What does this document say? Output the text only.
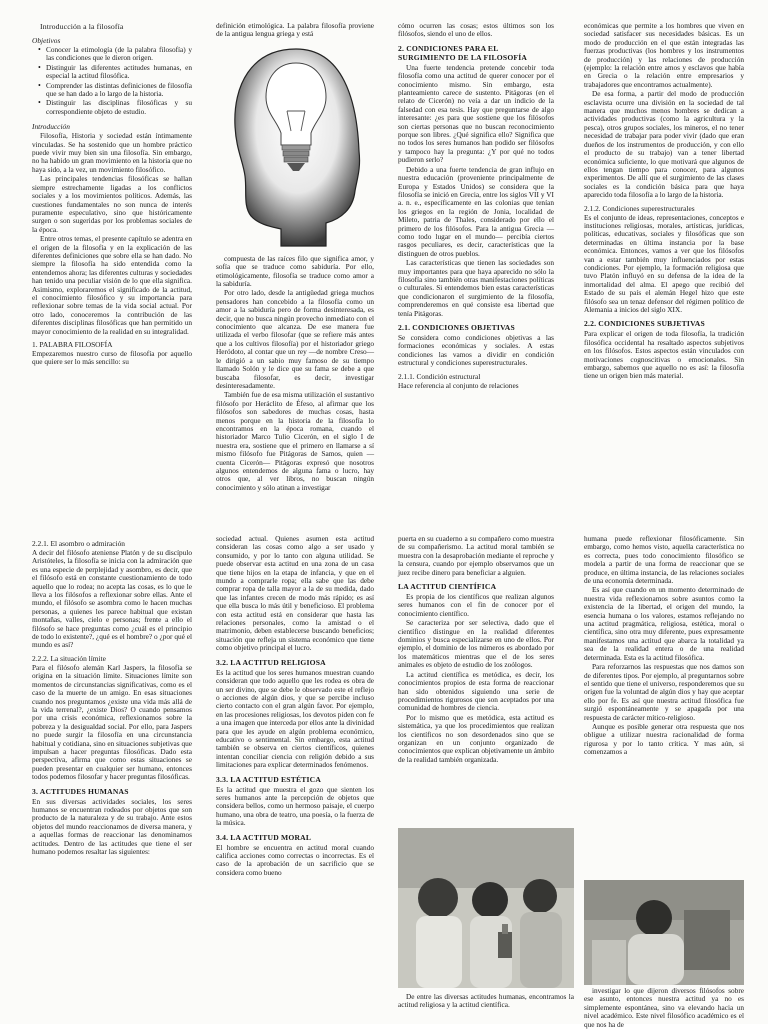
Introducción a la filosofía
Objetivos
• Conocer la etimología (de la palabra filosofía) y las condiciones que le dieron origen.
• Distinguir las diferentes actitudes humanas, en especial la actitud filosófica.
• Comprender las distintas definiciones de filosofía que se han dado a lo largo de la historia.
• Distinguir las disciplinas filosóficas y su correspondiente objeto de estudio.
Introducción

Filosofía, Historia y sociedad están íntimamente vinculadas. Se ha sostenido que un hombre práctico puede vivir muy bien sin una filosofía. Sin embargo, no ha habido un gran movimiento en la historia que no haya sido, a la vez, un movimiento filosófico.

Las principales tendencias filosóficas se hallan siempre estrechamente ligadas a los conflictos sociales y a los movimientos políticos. Además, las cuestiones fundamentales no son nunca de interés puramente especulativo, sino que históricamente surgen o son sugeridas por los problemas sociales de la época.

Entre otros temas, el presente capítulo se adentra en el origen de la filosofía y en la explicación de las diferentes definiciones que sobre ella se han dado. No siempre la filosofía ha sido entendida como la entendemos ahora; las diferentes culturas y sociedades han tenido una peculiar visión de lo que ella significa. Asimismo, exploraremos el significado de la actitud, el conocimiento filosófico y su importancia para reflexionar sobre temas de la vida social actual. Por otro lado, conoceremos la contribución de las diferentes disciplinas filosóficas que han permitido un mayor conocimiento de la realidad en su integralidad.

1. PALABRA FILOSOFÍA

Empezaremos nuestro curso de filosofía por aquello que quiere ser lo más sencillo: su

definición etimológica. La palabra filosofía proviene de la antigua lengua griega y está

compuesta de las raíces filo que significa amor, y sofía que se traduce como sabiduría. Por ello, etimológicamente, filosofía se traduce como amor a la sabiduría.

Por otro lado, desde la antigüedad griega muchos pensadores han concebido a la filosofía como un amor a la sabiduría pero de forma desinteresada, es decir, que no busca ningún provecho inmediato con el conocimiento que alcanza. De ese manera fue utilizada el verbo filosofar (que se refiere más antes que a los cultivos filosofía) por el historiador griego Heródoto, al contar que un rey —de nombre Creso— le dirigió a un sabio muy famoso de su tiempo llamado Solón y le dice que su fama se debe a que buscaba filosofar, es decir, investigar desinteresadamente.

También fue de esa misma utilización el sustantivo filósofo por Heráclito de Éfeso, al afirmar que los filósofos son sabedores de muchas cosas, hasta menos porque en la historia de la filosofía lo encontramos en la época romana, cuando el historiador Marco Tulio Cicerón, en el siglo I de nuestra era, sostiene que el primero en llamarse a sí mismo filósofo fue Pitágoras de Samos, quien —cuenta Cicerón— Pitágoras expresó que nosotros algunos entendemos de alguna fama o lucro, hay otros que, al ver libros, no buscan ningún conocimiento y sólo atinan a investigar

cómo ocurren las cosas; estos últimos son los filósofos, siendo el uno de ellos.

2. CONDICIONES PARA EL SURGIMIENTO DE LA FILOSOFÍA

Una fuerte tendencia pretende concebir toda filosofía como una actitud de querer conocer por el conocimiento mismo. Sin embargo, esta planteamiento carece de sustento. Pitágoras (en el relato de Cicerón) no veía a dar un indicio de la falsedad con esa tesis. Hay que preguntarse de algo interesante: ¿es para que sostiene que los filósofos son ciertas personas que no buscan reconocimiento porque son libres. ¿Qué significa ello? Significa que no todos los seres humanos han podido ser filósofos y tampoco hay la pregunta: ¿Y por qué no todos pudieron serlo?

Debido a una fuerte tendencia de gran influjo en nuestra educación (proveniente principalmente de Europa y Estados Unidos) se considera que la filosofía se inició en Grecia, entre los siglos VII y VI a. n. e., específicamente en las colonias que tenían los griegos en la región de Jonia, localidad de Mileto, patria de Thales, considerado por ello el primero de los filósofos. Para la antigua Grecia —como todo lugar en el mundo— percibía ciertos rasgos peculiares, es decir, características que la distinguen de otros pueblos.

Las características que tienen las sociedades son muy importantes para que haya aparecido no sólo la filosofía sino también otras manifestaciones políticas o culturales. Si entendemos bien estas características que condicionaron el surgimiento de la filosofía, comprenderemos en qué consiste esa libertad que tenía Pitágoras.

2.1. CONDICIONES OBJETIVAS

Se considera como condiciones objetivas a las formaciones económicas y sociales. A estas condiciones las vamos a dividir en condición estructural y condiciones superestructurales.

2.1.1. Condición estructural

Hace referencia al conjunto de relaciones

económicas que permite a los hombres que viven en sociedad satisfacer sus necesidades básicas. Es un modo de producción en el que están integradas las fuerzas productivas (los hombres y los instrumentos de producción) y las relaciones de producción (ejemplo: la relación entre amos y esclavos que había en Grecia o la relación entre empresarios y trabajadores que encontramos actualmente).

De esa forma, a partir del modo de producción esclavista ocurre una división en la sociedad de tal manera que muchos menos hombres se dedican a actividades productivas (como la agricultura y la pesca), otros grupos sociales, los mineros, el no tener necesidad de trabajar para poder vivir (dado que eran dueños de los instrumentos de producción, y con ello el producto de su trabajo) van a tener libertad económica suficiente, lo que motivará que algunos de ellos tengan tiempo para conocer, para algunos experimentos. De allí que el surgimiento de las clases sociales es la condición básica para que haya aparecido toda filosofía a lo largo de la historia.

2.1.2. Condiciones superestructurales

Es el conjunto de ideas, representaciones, conceptos e instituciones religiosas, morales, artísticas, jurídicas, políticas, educativas, sociales y filosóficas que son determinadas en última instancia por la base económica. Entonces, vamos a ver que los filósofos van a estar también muy influenciados por estas condiciones. Por ejemplo, la formación religiosa que tuvo Platón influyó en su defensa de la idea de la inmortalidad del alma. El apego que recibió del Estado de su país el alemán Hegel hizo que este filósofo sea un tenaz defensor del régimen político de Alemania a inicios del siglo XIX.

2.2. CONDICIONES SUBJETIVAS

Para explicar el origen de toda filosofía, la tradición filosófica occidental ha resaltado aspectos subjetivos en los filósofos. Estos aspectos están vinculados con motivaciones cognoscitivas o emocionales. Sin embargo, sabemos que aquello no es así: la filosofía tiene un origen bien más material.

2.2.1. El asombro o admiración

A decir del filósofo ateniense Platón y de su discípulo Aristóteles, la filosofía se inicia con la admiración que es una especie de perplejidad y asombro, es decir, que el filósofo está en constante cuestionamiento de todo aquello que lo rodea; no acepta las cosas, es lo que le lleva a los filósofos a reflexionar sobre ellas. Ante el mundo, el filósofo se asombra como le hacen muchas personas, a quienes les parece habitual que existan montañas, valles, cielo e personas; frente a ello el filósofo se hace preguntas como ¿cuál es el principio de todo lo existente?, ¿qué es el hombre? o ¿por qué el mundo es así?

2.2.2. La situación límite

Para el filósofo alemán Karl Jaspers, la filosofía se origina en la situación límite. Situaciones límite son momentos de circunstancias significativas, como es el caso de la muerte de un amigo. En esas situaciones cuando nos preguntamos ¿existe una vida más allá de la vida terrenal?, ¿existe Dios? O cuando pensamos por una crisis económica, reflexionamos sobre la pobreza y la desigualdad social. Por ello, para Jaspers no puede surgir la filosofía en una circunstancia habitual y cotidiana, sino en situaciones subjetivas que impulsan a hacer preguntas filosóficas. Dado esta perspectiva, afirma que como estas situaciones se pueden presentar en cualquier ser humano, entonces todos podemos filosofar y hacer preguntas filosóficas.

3. ACTITUDES HUMANAS

En sus diversas actividades sociales, los seres humanos se encuentran rodeados por objetos que son producto de la naturaleza y de su trabajo. Ante estos objetos del mundo reaccionamos de diversa manera, y a aquellas formas de reaccionar las denominamos actitudes. Dentro de las actitudes que tiene el ser humano podemos resaltar las siguientes:

sociedad actual. Quienes asumen esta actitud consideran las cosas como algo a ser usado y consumido, y por lo tanto con alguna utilidad. Se puede observar esta actitud en una zona de un casa que tiene hijos en la etapa de infancia, y que en el mundo a comprarle ropa; ella sabe que las debe comprar ropa de talla mayor a la de su medida, dado que las infantes crecen de modo más rápido; es así que ella busca lo más útil y beneficioso. El problema con esta actitud está en considerar que hasta las relaciones personales, como la amistad o el matrimonio, deben establecerse buscando beneficios; situación que refleja un sistema económico que tiene como objetivo principal el lucro.

3.2. LA ACTITUD RELIGIOSA

Es la actitud que los seres humanos muestran cuando consideran que todo aquello que les rodea es obra de un ser divino, que se debe le observado este el reflejo o acciones de algún dios, y que se percibe incluso cierto contacto con el gran algún favor. Por ejemplo, en las procesiones religiosas, los devotos piden con fe a una imagen que interceda por ellos ante la divinidad para que les ayude en algún problema económico, educativo o sentimental. Sin embargo, esta actitud también se observa en ciertos científicos, quienes intentan conciliar ciencia con religión debido a sus limitaciones para explicar determinados fenómenos.

3.3. LA ACTITUD ESTÉTICA

Es la actitud que muestra el gozo que sienten los seres humanos ante la percepción de objetos que considera bellos, como un hermoso paisaje, el cuerpo humano, una obra de teatro, una poesía, o la fuerza de la música.

3.4. LA ACTITUD MORAL

El hombre se encuentra en actitud moral cuando califica acciones como correctas o incorrectas. Es el caso de la aprobación de un sacrificio que se considera como bueno

puerta en su cuaderno a su compañero como muestra de su compañerismo. La actitud moral también se muestra con la desaprobación mediante el reproche y la censura, cuando por ejemplo observamos que un juez recibe dinero para beneficiar a alguien.

LA ACTITUD CIENTÍFICA

Es propia de los científicos que realizan algunos seres humanos con el fin de conocer por el conocimiento científico.

Se caracteriza por ser selectiva, dado que el científico distingue en la realidad diferentes dominios y busca especializarse en uno de ellos. Por ejemplo, el dominio de los números es abordado por los matemáticos mientras que el de los seres animales es objeto de estudio de los zoólogos.

La actitud científica es metódica, es decir, los conocimientos propios de esta forma de reaccionar han sido obtenidos siguiendo una serie de procedimientos rigurosos que son aceptados por una comunidad de hombres de ciencia.

Por lo mismo que es metódica, esta actitud es sistemática, ya que los procedimientos que realizan los científicos no son desordenados sino que se organizan en un conjunto organizado de conocimientos que explican objetivamente un ámbito de la realidad también organizada.

De entre las diversas actitudes humanas, encontramos la actitud religiosa y la actitud científica.

humana puede reflexionar filosóficamente. Sin embargo, como hemos visto, aquella característica no es correcta, pues todo conocimiento filosófico se modela a partir de una forma de reaccionar que se produce, en última instancia, de las relaciones sociales de una economía determinada.

Es así que cuando en un momento determinado de nuestra vida reflexionamos sobre asuntos como la existencia de la libertad, el origen del mundo, la esencia humana o los valores, estamos reflejando no una actitud pragmática, religiosa, estética, moral o científica, sino otra muy diferente, pues expresamente manifestamos una actitud que abarca la totalidad ya sea de la realidad entera o de una realidad determinada. Esta es la actitud filosófica.

Para reforzarnos las respuestas que nos damos son de diferentes tipos. Por ejemplo, al preguntarnos sobre el sentido que tiene el universo, responderemos que su origen fue la voluntad de algún dios y hay que aceptar ello por fe. Es así que nuestra actitud filosófica fue surgió espontáneamente y se apagada por una respuesta de carácter mítico-religioso.

Aunque es posible generar otra respuesta que nos obligue a utilizar nuestra racionalidad de forma rigurosa y por lo tanto crítica. Y mas aún, si comenzamos a

investigar lo que dijeron diversos filósofos sobre ese asunto, entonces nuestra actitud ya no es simplemente espontánea, sino va elevando hacia un nivel académico. Este nivel filosófico académico es el que nos ha de
